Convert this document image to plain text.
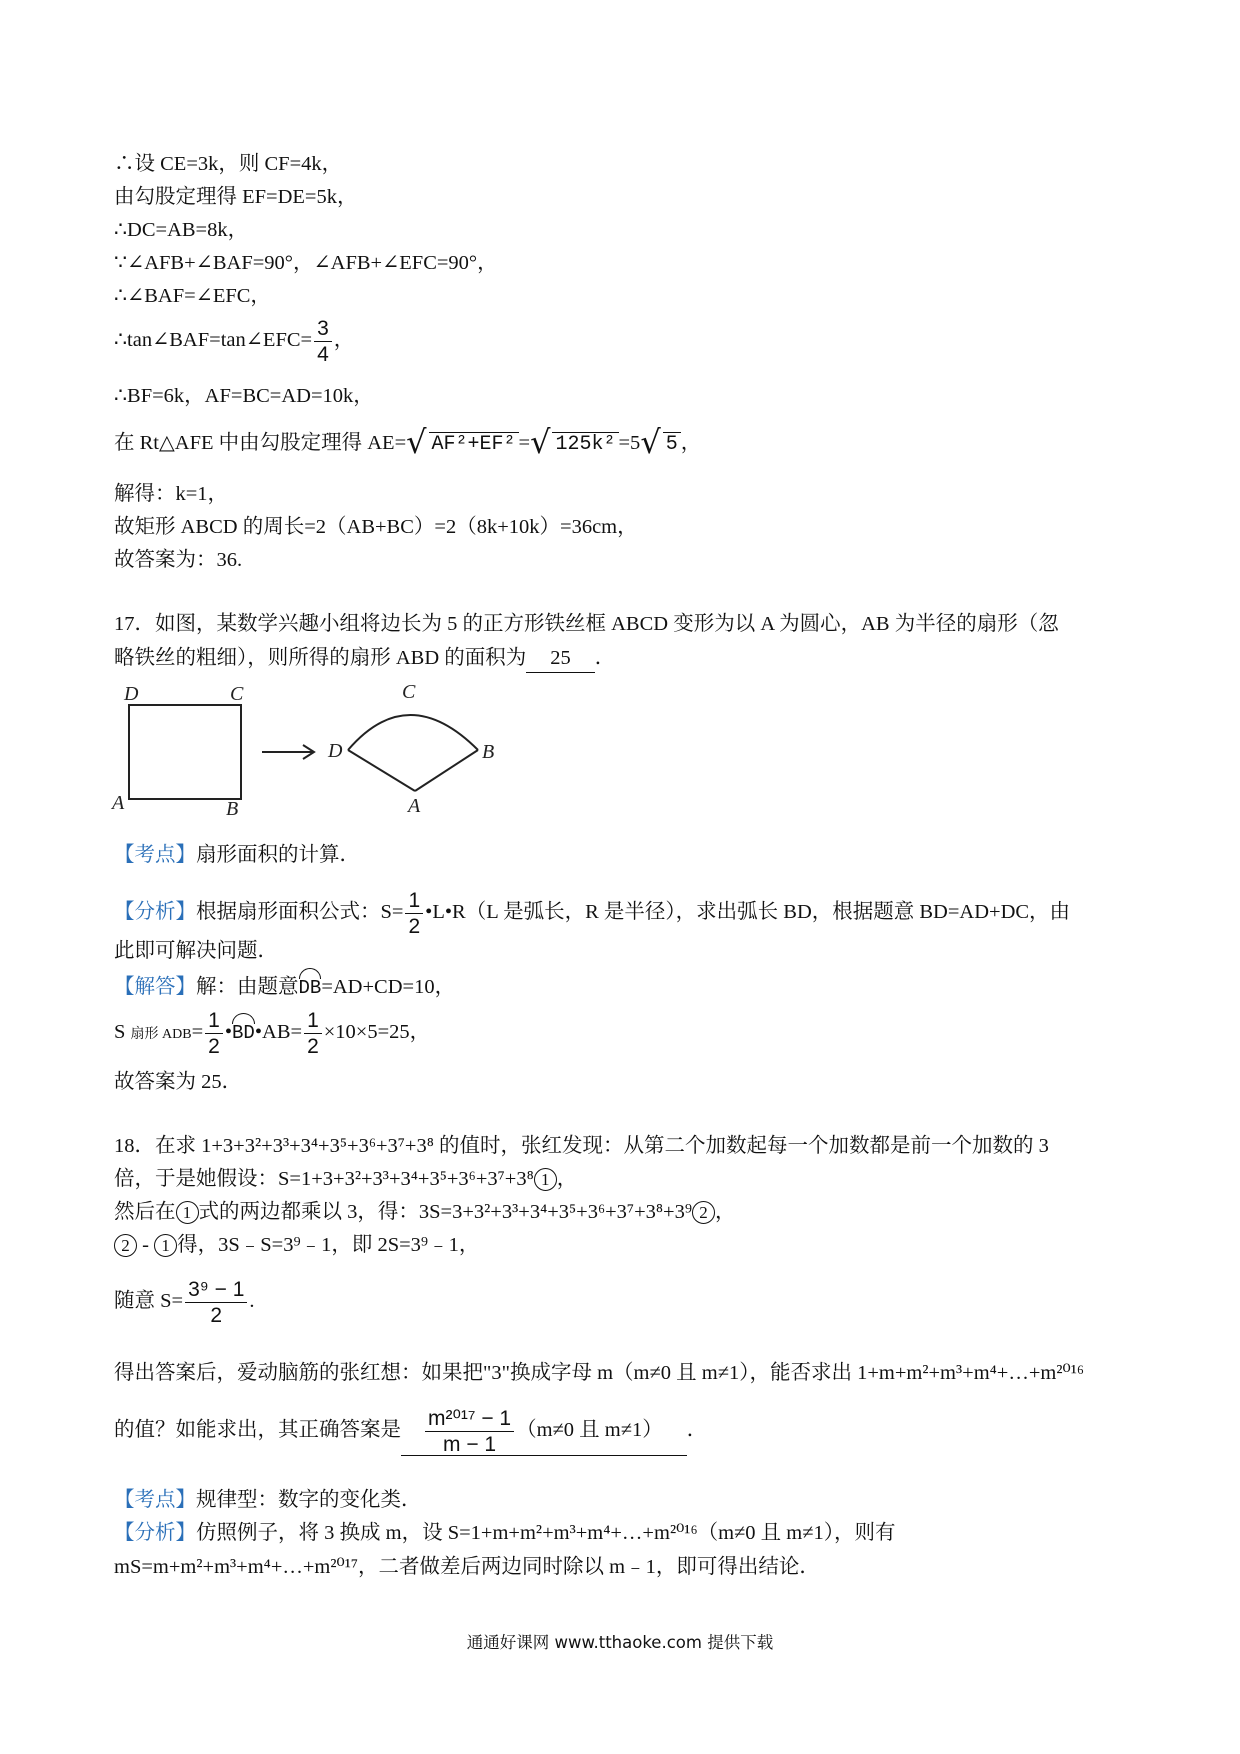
∴设 CE=3k，则 CF=4k，
由勾股定理得 EF=DE=5k，
∴DC=AB=8k，
∵∠AFB+∠BAF=90°，∠AFB+∠EFC=90°，
∴∠BAF=∠EFC，
∴tan∠BAF=tan∠EFC= $\frac{3}{4}$ ，
∴BF=6k，AF=BC=AD=10k，
在 Rt△AFE 中由勾股定理得 AE=√ AF²+EF² =√ 125k² =5√ 5 ，
解得：k=1，
故矩形 ABCD 的周长=2（AB+BC）=2（8k+10k）=36cm，
故答案为：36.
17．如图，某数学兴趣小组将边长为 5 的正方形铁丝框 ABCD 变形为以 A 为圆心，AB 为半径的扇形（忽
略铁丝的粗细），则所得的扇形 ABD 的面积为 25 ．
D	C
A	B
D
C
B
A
【考点】扇形面积的计算．
【分析】根据扇形面积公式：$S= \frac{1}{2}$ •L•R（L 是弧长，R 是半径），求出弧长 BD，根据题意 BD=AD+DC，由
此即可解决问题．
【解答】解：由题意DB=AD+CD=10，
S 扇形 $ADB= \frac{1}{2}$ •BD•AB= $\frac{1}{2} \times 10\times 5=25$，
故答案为 25．
18．在求 1+3+3²+3³+3⁴+3⁵+3⁶+3⁷+3⁸ 的值时，张红发现：从第二个加数起每一个加数都是前一个加数的 3
倍，于是她假设：S=1+3+3²+3³+3⁴+3⁵+3⁶+3⁷+3⁸ 1 ，
然后在 1 式的两边都乘以 3，得：3S=3+3²+3³+3⁴+3⁵+3⁶+3⁷+3⁸+3⁹ 2 ，
2 - 1 得，3S﹣S=3⁹﹣1，即 2S=3⁹﹣1，
随意 $S= \frac{\text{3⁹ − 1}}{2}$ .
得出答案后，爱动脑筋的张红想：如果把"3"换成字母 m（m≠0 且 m≠1），能否求出 1+m+m²+m³+m⁴+…+m²⁰¹⁶
的值？如能求出，其正确答案是 $\frac{\text{m²⁰¹⁷ − 1}}{m - 1} (m\ne 0$ 且 m≠1） ．
【考点】规律型：数字的变化类．
【分析】仿照例子，将 3 换成 m，设 S=1+m+m²+m³+m⁴+…+m²⁰¹⁶（m≠0 且 m≠1），则有
mS=m+m²+m³+m⁴+…+m²⁰¹⁷，二者做差后两边同时除以 m﹣1，即可得出结论．
通通好课网 www.tthaoke.com 提供下载
